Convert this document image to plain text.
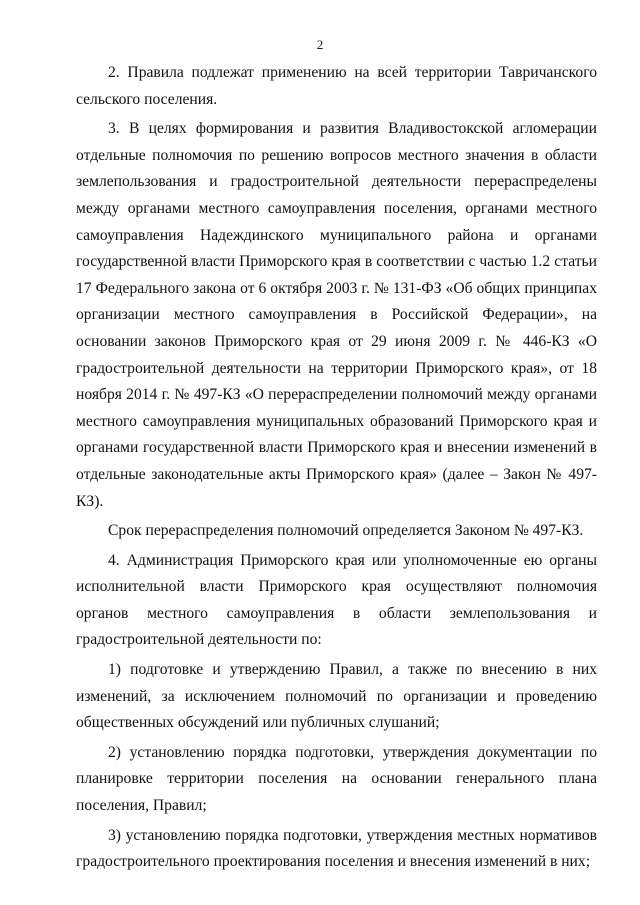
2

2. Правила подлежат применению на всей территории Тавричанского сельского поселения.

3. В целях формирования и развития Владивостокской агломерации отдельные полномочия по решению вопросов местного значения в области землепользования и градостроительной деятельности перераспределены между органами местного самоуправления поселения, органами местного самоуправления Надеждинского муниципального района и органами государственной власти Приморского края в соответствии с частью 1.2 статьи 17 Федерального закона от 6 октября 2003 г. № 131-ФЗ «Об общих принципах организации местного самоуправления в Российской Федерации», на основании законов Приморского края от 29 июня 2009 г. № 446-КЗ «О градостроительной деятельности на территории Приморского края», от 18 ноября 2014 г. № 497-КЗ «О перераспределении полномочий между органами местного самоуправления муниципальных образований Приморского края и органами государственной власти Приморского края и внесении изменений в отдельные законодательные акты Приморского края» (далее – Закон № 497-КЗ).

Срок перераспределения полномочий определяется Законом № 497-КЗ.

4. Администрация Приморского края или уполномоченные ею органы исполнительной власти Приморского края осуществляют полномочия органов местного самоуправления в области землепользования и градостроительной деятельности по:

1) подготовке и утверждению Правил, а также по внесению в них изменений, за исключением полномочий по организации и проведению общественных обсуждений или публичных слушаний;

2) установлению порядка подготовки, утверждения документации по планировке территории поселения на основании генерального плана поселения, Правил;

3) установлению порядка подготовки, утверждения местных нормативов градостроительного проектирования поселения и внесения изменений в них;
